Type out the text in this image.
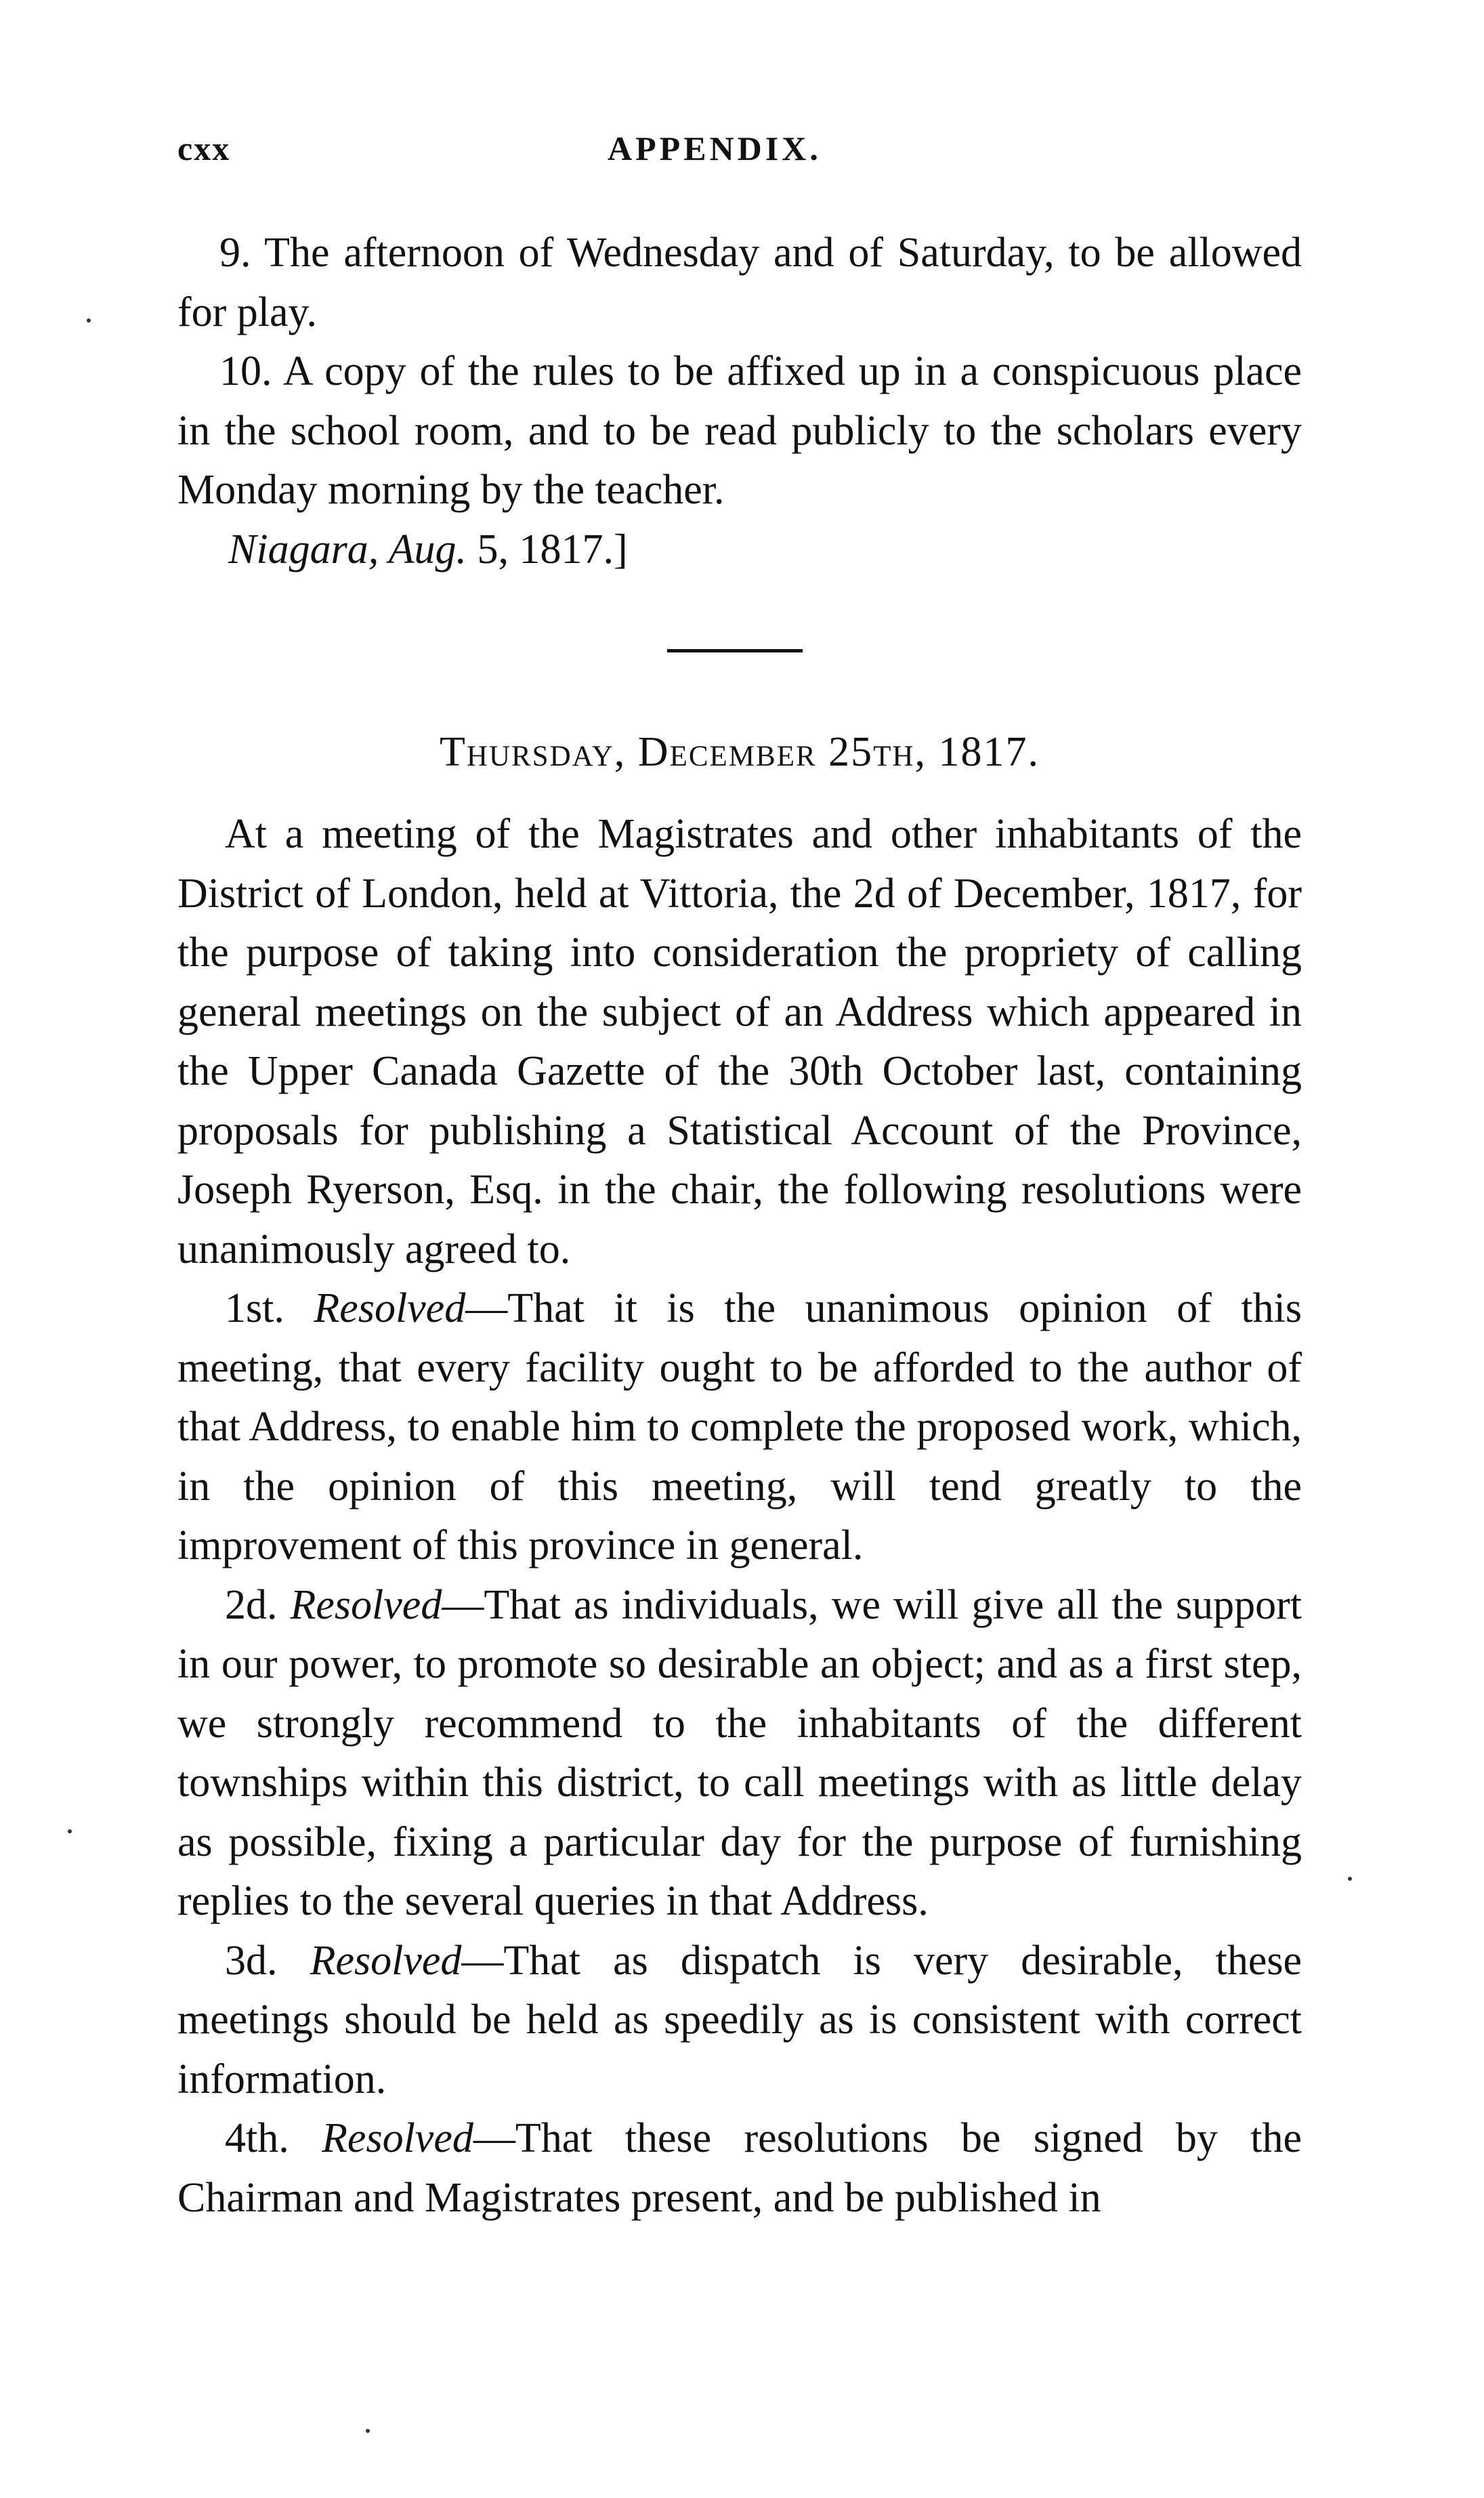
cxx	APPENDIX.

9. The afternoon of Wednesday and of Saturday, to be allowed for play.

10. A copy of the rules to be affixed up in a conspicuous place in the school room, and to be read publicly to the scholars every Monday morning by the teacher.

Niagara, Aug. 5, 1817.]

Thursday, December 25th, 1817.

At a meeting of the Magistrates and other inhabitants of the District of London, held at Vittoria, the 2d of December, 1817, for the purpose of taking into consideration the propriety of calling general meetings on the subject of an Address which appeared in the Upper Canada Gazette of the 30th October last, containing proposals for publishing a Statistical Account of the Province, Joseph Ryerson, Esq. in the chair, the following resolutions were unanimously agreed to.

1st. Resolved—That it is the unanimous opinion of this meeting, that every facility ought to be afforded to the author of that Address, to enable him to complete the proposed work, which, in the opinion of this meeting, will tend greatly to the improvement of this province in general.

2d. Resolved—That as individuals, we will give all the support in our power, to promote so desirable an object; and as a first step, we strongly recommend to the inhabitants of the different townships within this district, to call meetings with as little delay as possible, fixing a particular day for the purpose of furnishing replies to the several queries in that Address.

3d. Resolved—That as dispatch is very desirable, these meetings should be held as speedily as is consistent with correct information.

4th. Resolved—That these resolutions be signed by the Chairman and Magistrates present, and be published in
